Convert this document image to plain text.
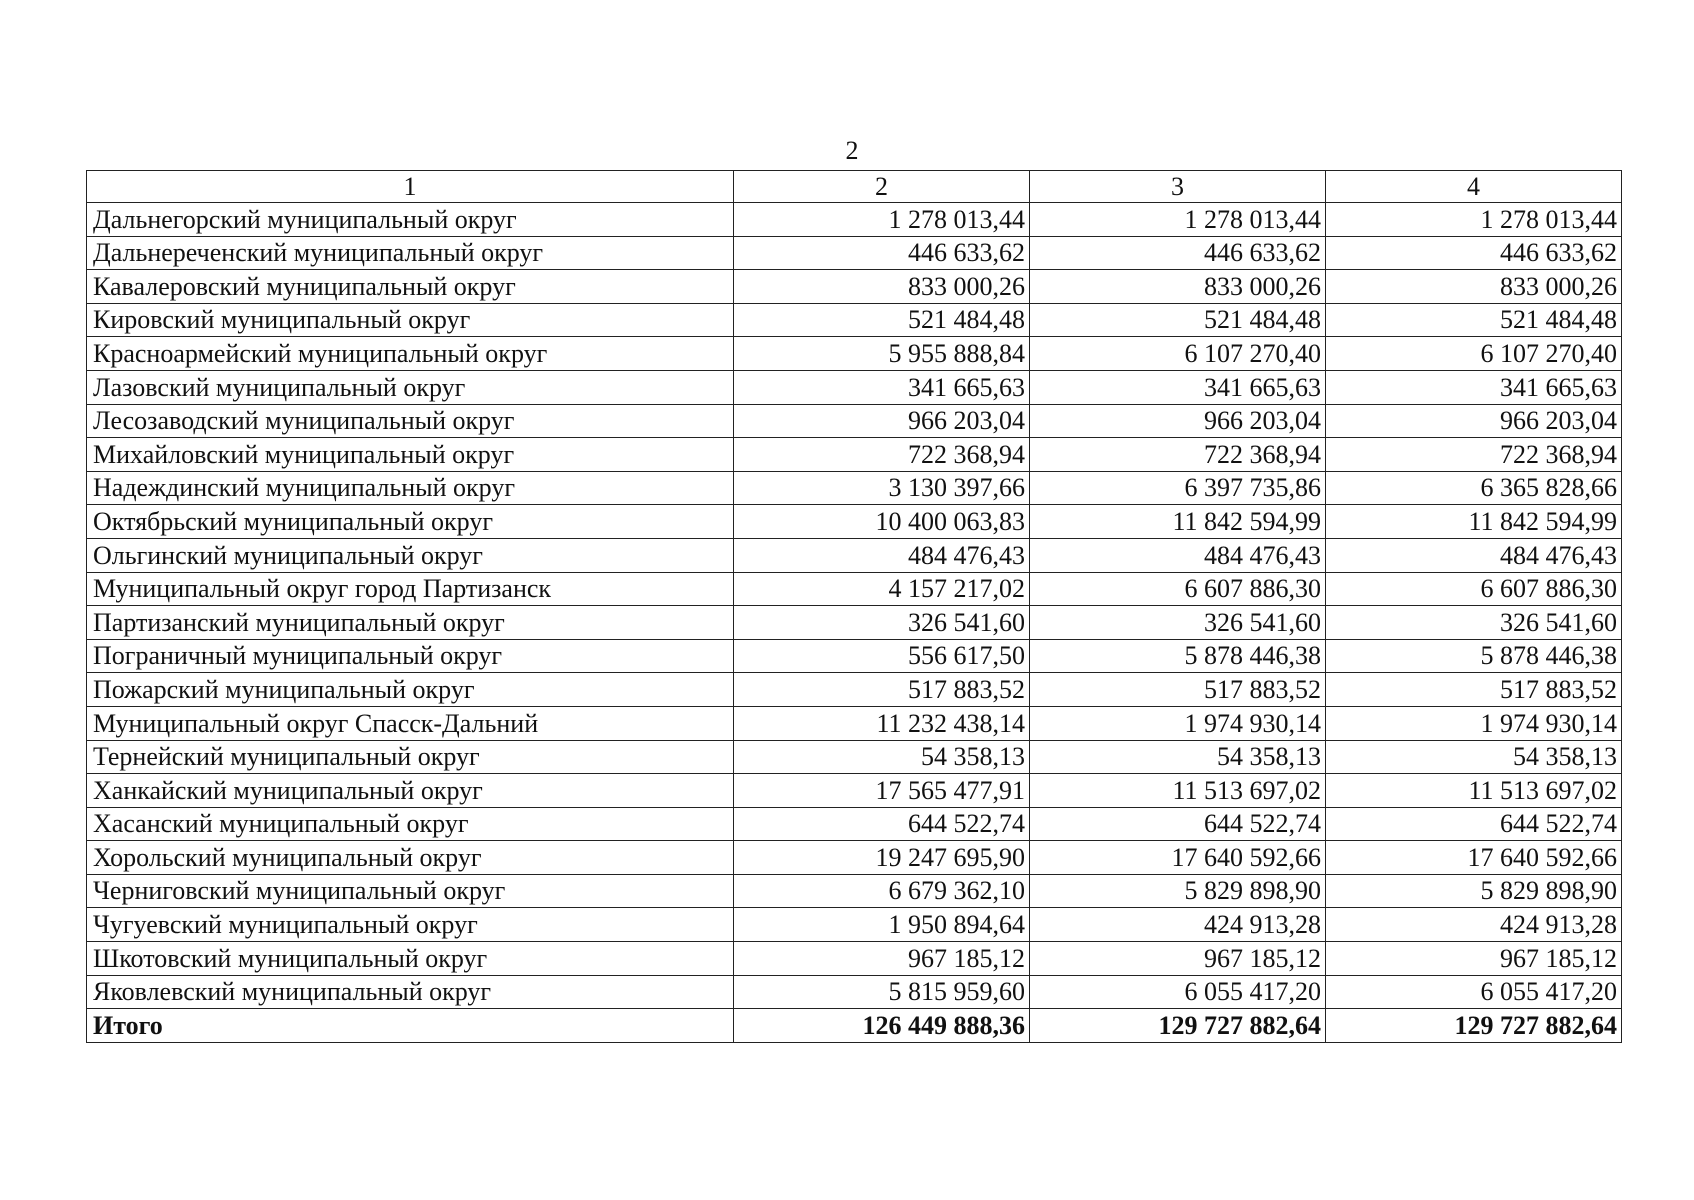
2
1	2	3	4
Дальнегорский муниципальный округ	1 278 013,44	1 278 013,44	1 278 013,44
Дальнереченский муниципальный округ	446 633,62	446 633,62	446 633,62
Кавалеровский муниципальный округ	833 000,26	833 000,26	833 000,26
Кировский муниципальный округ	521 484,48	521 484,48	521 484,48
Красноармейский муниципальный округ	5 955 888,84	6 107 270,40	6 107 270,40
Лазовский муниципальный округ	341 665,63	341 665,63	341 665,63
Лесозаводский муниципальный округ	966 203,04	966 203,04	966 203,04
Михайловский муниципальный округ	722 368,94	722 368,94	722 368,94
Надеждинский муниципальный округ	3 130 397,66	6 397 735,86	6 365 828,66
Октябрьский муниципальный округ	10 400 063,83	11 842 594,99	11 842 594,99
Ольгинский муниципальный округ	484 476,43	484 476,43	484 476,43
Муниципальный округ город Партизанск	4 157 217,02	6 607 886,30	6 607 886,30
Партизанский муниципальный округ	326 541,60	326 541,60	326 541,60
Пограничный муниципальный округ	556 617,50	5 878 446,38	5 878 446,38
Пожарский муниципальный округ	517 883,52	517 883,52	517 883,52
Муниципальный округ Спасск-Дальний	11 232 438,14	1 974 930,14	1 974 930,14
Тернейский муниципальный округ	54 358,13	54 358,13	54 358,13
Ханкайский муниципальный округ	17 565 477,91	11 513 697,02	11 513 697,02
Хасанский муниципальный округ	644 522,74	644 522,74	644 522,74
Хорольский муниципальный округ	19 247 695,90	17 640 592,66	17 640 592,66
Черниговский муниципальный округ	6 679 362,10	5 829 898,90	5 829 898,90
Чугуевский муниципальный округ	1 950 894,64	424 913,28	424 913,28
Шкотовский муниципальный округ	967 185,12	967 185,12	967 185,12
Яковлевский муниципальный округ	5 815 959,60	6 055 417,20	6 055 417,20
Итого	126 449 888,36	129 727 882,64	129 727 882,64
